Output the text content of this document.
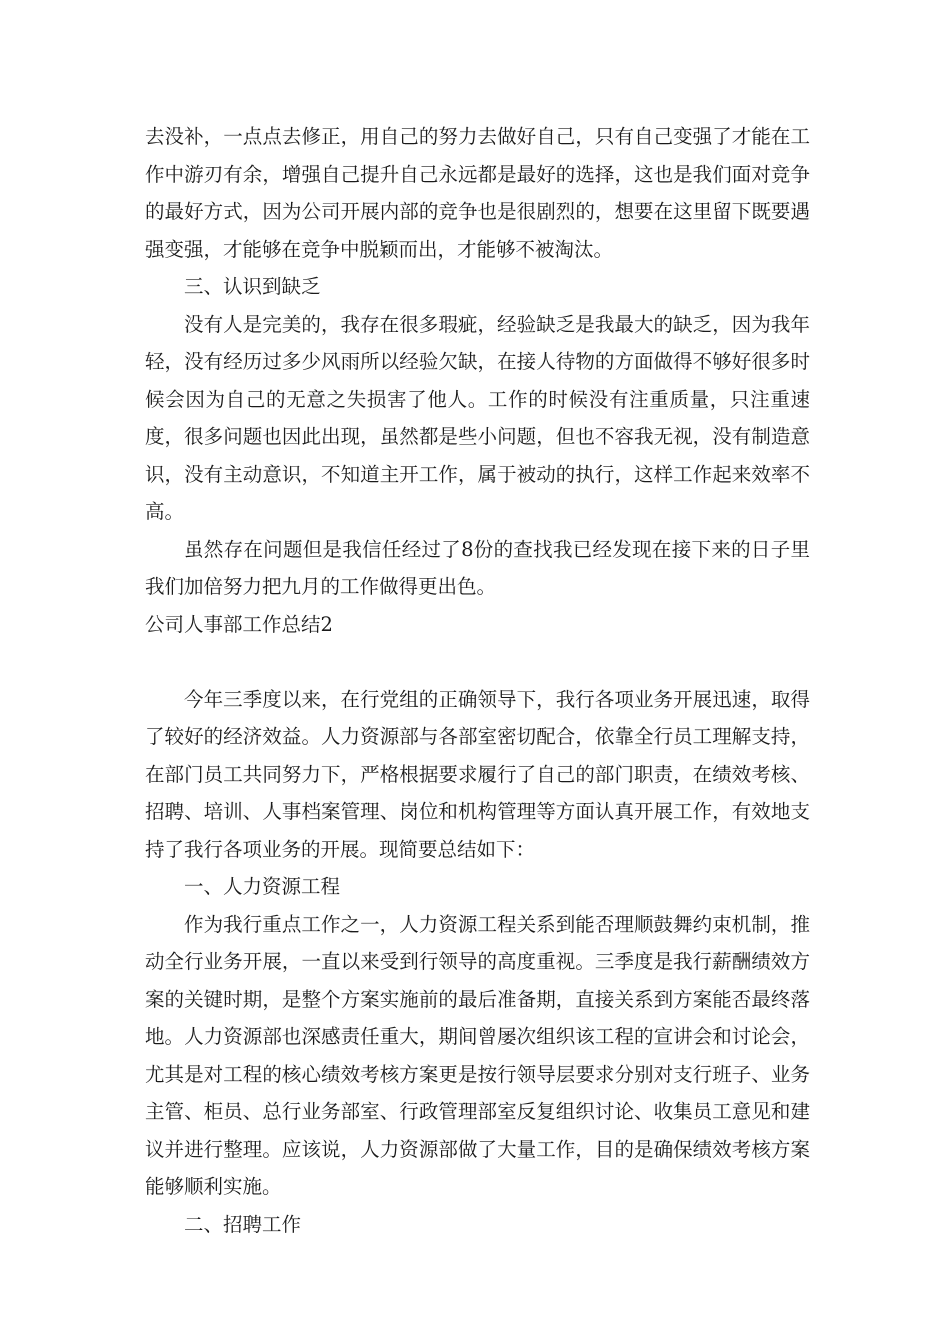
去没补，一点点去修正，用自己的努力去做好自己，只有自己变强了才能在工作中游刃有余，增强自己提升自己永远都是最好的选择，这也是我们面对竞争的最好方式，因为公司开展内部的竞争也是很剧烈的，想要在这里留下既要遇强变强，才能够在竞争中脱颖而出，才能够不被淘汰。

三、认识到缺乏

没有人是完美的，我存在很多瑕疵，经验缺乏是我最大的缺乏，因为我年轻，没有经历过多少风雨所以经验欠缺，在接人待物的方面做得不够好很多时候会因为自己的无意之失损害了他人。工作的时候没有注重质量，只注重速度，很多问题也因此出现，虽然都是些小问题，但也不容我无视，没有制造意识，没有主动意识，不知道主开工作，属于被动的执行，这样工作起来效率不高。

虽然存在问题但是我信任经过了8份的查找我已经发现在接下来的日子里我们加倍努力把九月的工作做得更出色。

公司人事部工作总结2

今年三季度以来，在行党组的正确领导下，我行各项业务开展迅速，取得了较好的经济效益。人力资源部与各部室密切配合，依靠全行员工理解支持，在部门员工共同努力下，严格根据要求履行了自己的部门职责，在绩效考核、招聘、培训、人事档案管理、岗位和机构管理等方面认真开展工作，有效地支持了我行各项业务的开展。现简要总结如下：

一、人力资源工程

作为我行重点工作之一，人力资源工程关系到能否理顺鼓舞约束机制，推动全行业务开展，一直以来受到行领导的高度重视。三季度是我行薪酬绩效方案的关键时期，是整个方案实施前的最后准备期，直接关系到方案能否最终落地。人力资源部也深感责任重大，期间曾屡次组织该工程的宣讲会和讨论会，尤其是对工程的核心绩效考核方案更是按行领导层要求分别对支行班子、业务主管、柜员、总行业务部室、行政管理部室反复组织讨论、收集员工意见和建议并进行整理。应该说，人力资源部做了大量工作，目的是确保绩效考核方案能够顺利实施。

二、招聘工作
